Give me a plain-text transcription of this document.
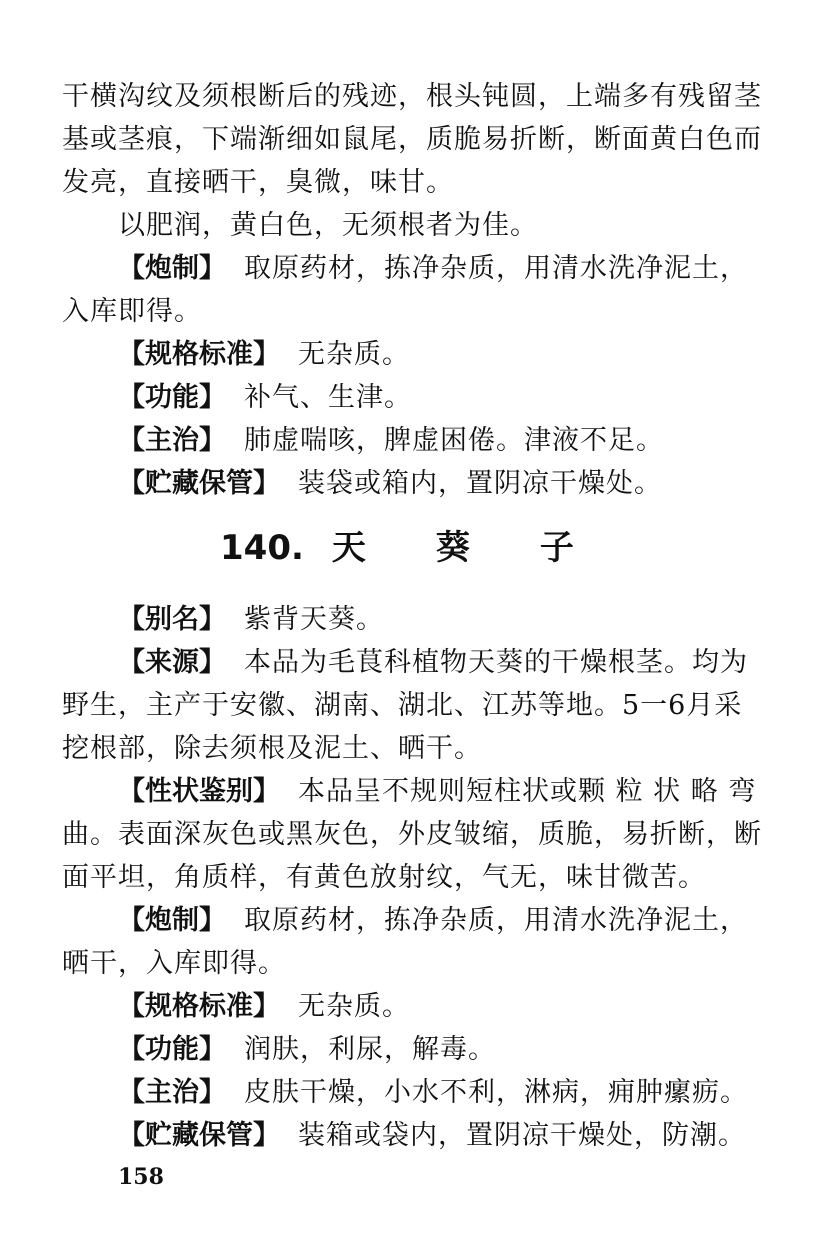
干横沟纹及须根断后的残迹，根头钝圆，上端多有残留茎
基或茎痕，下端渐细如鼠尾，质脆易折断，断面黄白色而
发亮，直接晒干，臭微，味甘。
以肥润，黄白色，无须根者为佳。
【炮制】 取原药材，拣净杂质，用清水洗净泥土，
入库即得。
【规格标准】 无杂质。
【功能】 补气、生津。
【主治】 肺虚喘咳，脾虚困倦。津液不足。
【贮藏保管】 装袋或箱内，置阴凉干燥处。
140. 天 葵 子
【别名】 紫背天葵。
【来源】 本品为毛茛科植物天葵的干燥根茎。均为
野生，主产于安徽、湖南、湖北、江苏等地。5一6月采
挖根部，除去须根及泥土、晒干。
【性状鉴别】 本品呈不规则短柱状或颗 粒 状 略 弯
曲。表面深灰色或黑灰色，外皮皱缩，质脆，易折断，断
面平坦，角质样，有黄色放射纹，气无，味甘微苦。
【炮制】 取原药材，拣净杂质，用清水洗净泥土，
晒干，入库即得。
【规格标准】 无杂质。
【功能】 润肤，利尿，解毒。
【主治】 皮肤干燥，小水不利，淋病，痈肿瘰疬。
【贮藏保管】 装箱或袋内，置阴凉干燥处，防潮。
158
